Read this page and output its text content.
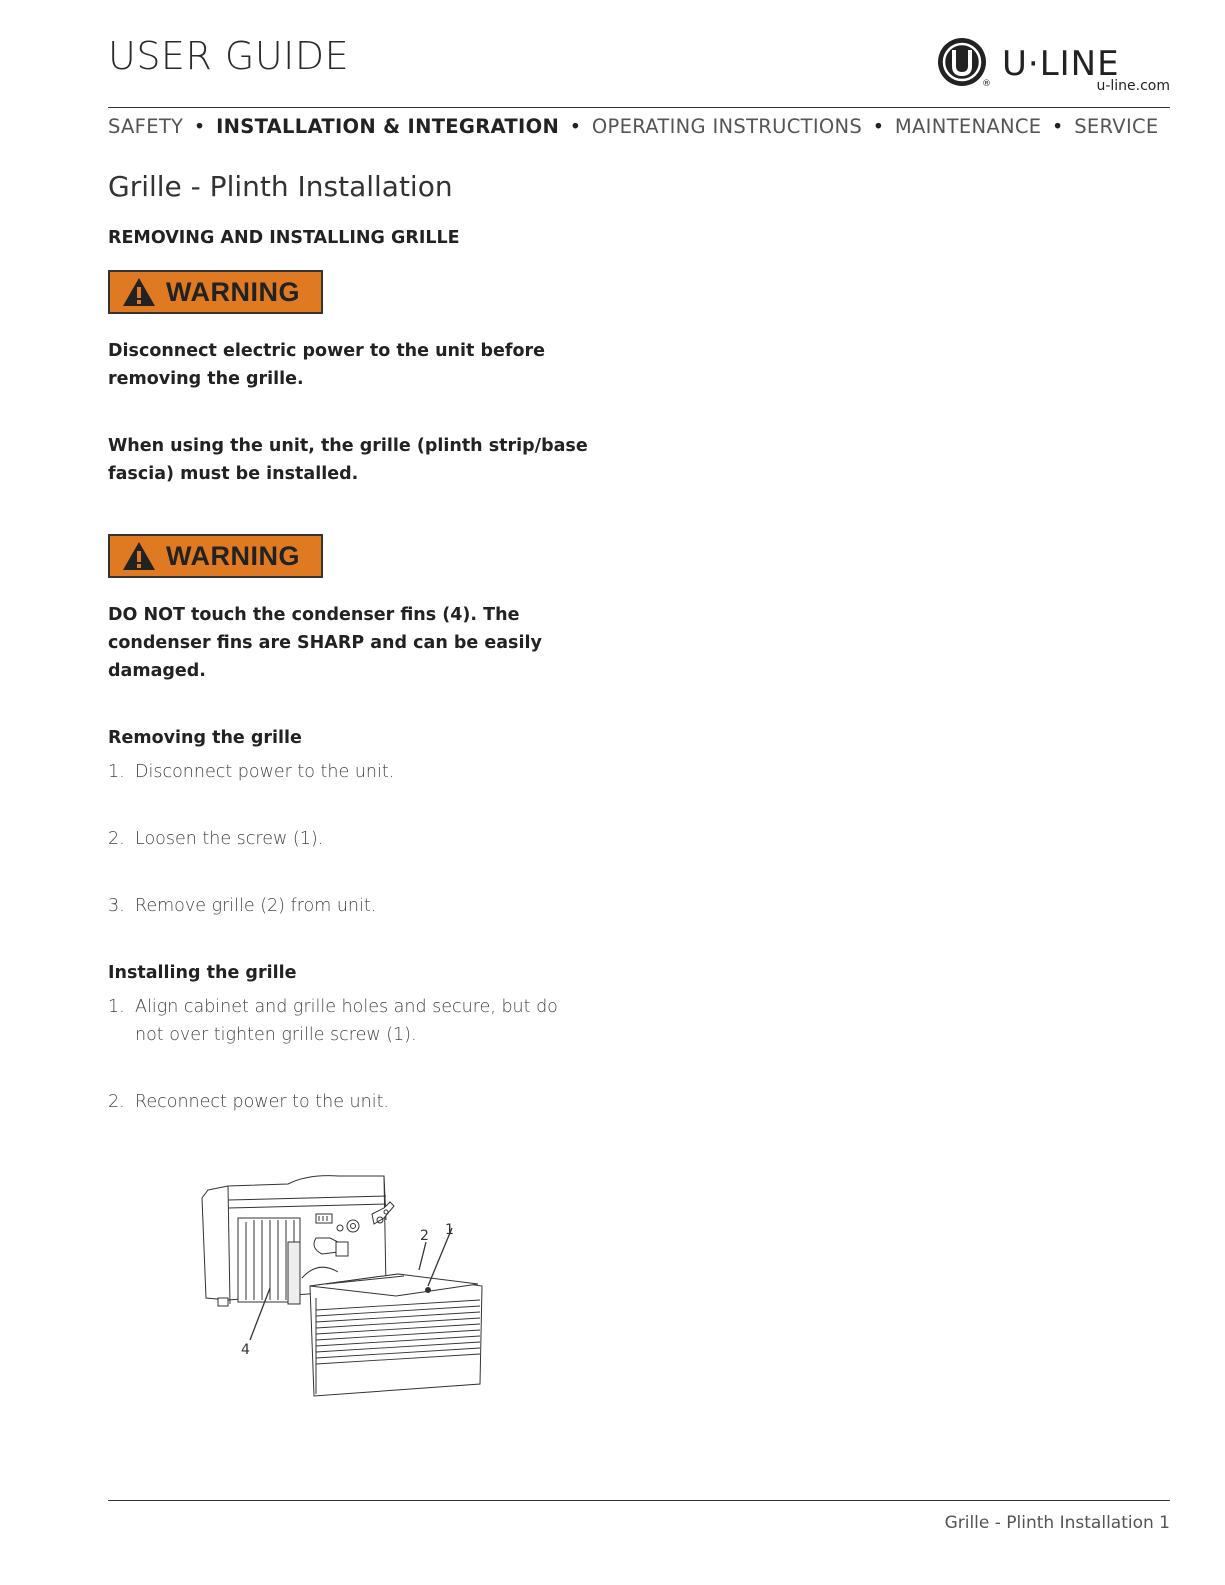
USER GUIDE
® U·LINE
u-line.com
SAFETY • INSTALLATION & INTEGRATION • OPERATING INSTRUCTIONS • MAINTENANCE • SERVICE
Grille - Plinth Installation
REMOVING AND INSTALLING GRILLE
WARNING
Disconnect electric power to the unit before removing the grille.
When using the unit, the grille (plinth strip/base fascia) must be installed.
WARNING
DO NOT touch the condenser fins (4). The condenser fins are SHARP and can be easily damaged.
Removing the grille
1. Disconnect power to the unit.
2. Loosen the screw (1).
3. Remove grille (2) from unit.
Installing the grille
1. Align cabinet and grille holes and secure, but do not over tighten grille screw (1).
2. Reconnect power to the unit.
2 1
4
Grille - Plinth Installation 1
